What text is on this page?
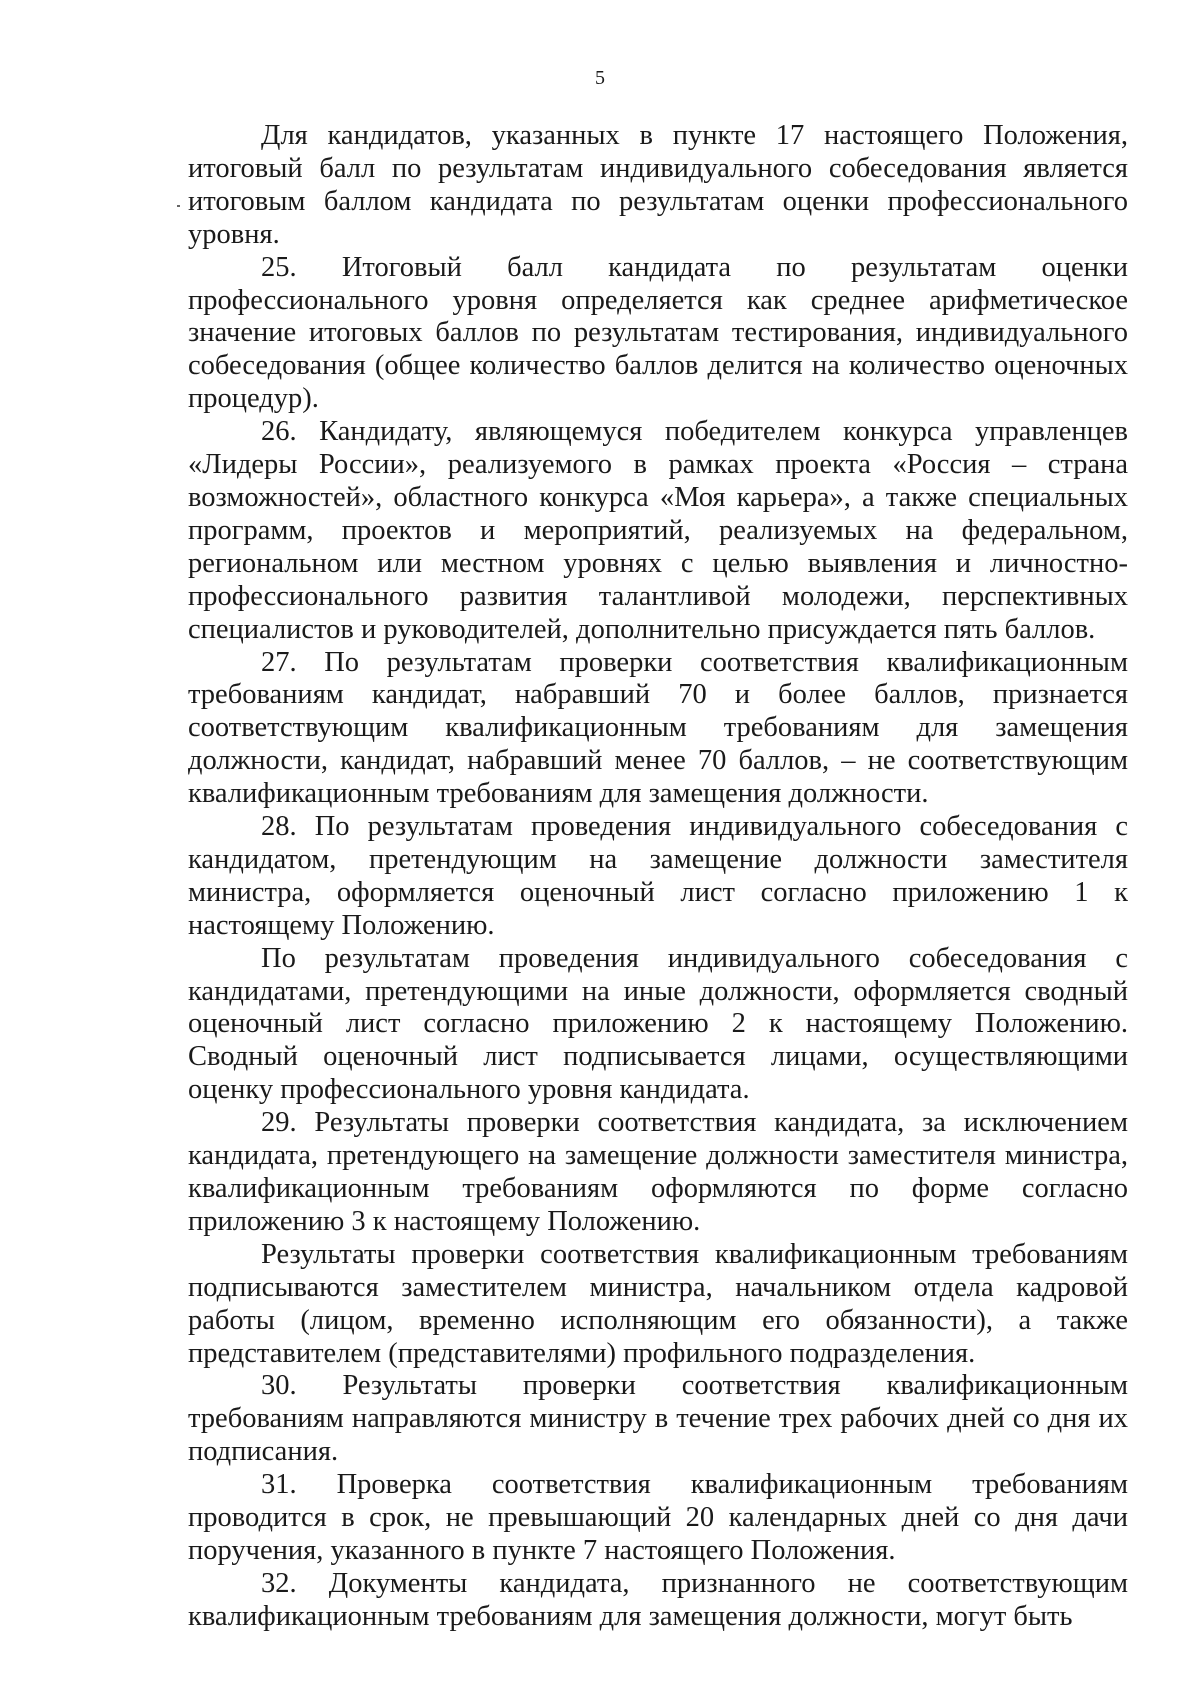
5

Для кандидатов, указанных в пункте 17 настоящего Положения, итоговый балл по результатам индивидуального собеседования является итоговым баллом кандидата по результатам оценки профессионального уровня.

25. Итоговый балл кандидата по результатам оценки профессионального уровня определяется как среднее арифметическое значение итоговых баллов по результатам тестирования, индивидуального собеседования (общее количество баллов делится на количество оценочных процедур).

26. Кандидату, являющемуся победителем конкурса управленцев «Лидеры России», реализуемого в рамках проекта «Россия – страна возможностей», областного конкурса «Моя карьера», а также специальных программ, проектов и мероприятий, реализуемых на федеральном, региональном или местном уровнях с целью выявления и личностно-профессионального развития талантливой молодежи, перспективных специалистов и руководителей, дополнительно присуждается пять баллов.

27. По результатам проверки соответствия квалификационным требованиям кандидат, набравший 70 и более баллов, признается соответствующим квалификационным требованиям для замещения должности, кандидат, набравший менее 70 баллов, – не соответствующим квалификационным требованиям для замещения должности.

28. По результатам проведения индивидуального собеседования с кандидатом, претендующим на замещение должности заместителя министра, оформляется оценочный лист согласно приложению 1 к настоящему Положению.

По результатам проведения индивидуального собеседования с кандидатами, претендующими на иные должности, оформляется сводный оценочный лист согласно приложению 2 к настоящему Положению. Сводный оценочный лист подписывается лицами, осуществляющими оценку профессионального уровня кандидата.

29. Результаты проверки соответствия кандидата, за исключением кандидата, претендующего на замещение должности заместителя министра, квалификационным требованиям оформляются по форме согласно приложению 3 к настоящему Положению.

Результаты проверки соответствия квалификационным требованиям подписываются заместителем министра, начальником отдела кадровой работы (лицом, временно исполняющим его обязанности), а также представителем (представителями) профильного подразделения.

30. Результаты проверки соответствия квалификационным требованиям направляются министру в течение трех рабочих дней со дня их подписания.

31. Проверка соответствия квалификационным требованиям проводится в срок, не превышающий 20 календарных дней со дня дачи поручения, указанного в пункте 7 настоящего Положения.

32. Документы кандидата, признанного не соответствующим квалификационным требованиям для замещения должности, могут быть
